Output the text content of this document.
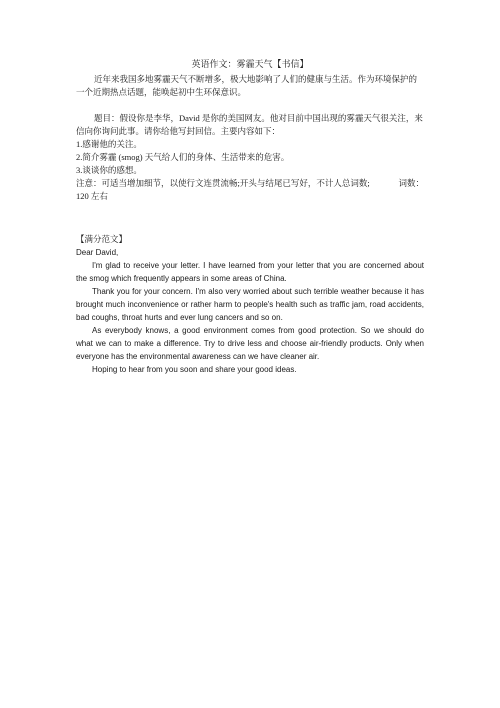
英语作文：雾霾天气【书信】

近年来我国多地雾霾天气不断增多，极大地影响了人们的健康与生活。作为环境保护的一个近期热点话题，能唤起初中生环保意识。

题目：假设你是李华，David 是你的美国网友。他对目前中国出现的雾霾天气很关注，来信向你询问此事。请你给他写封回信。主要内容如下：

1.感谢他的关注。

2.简介雾霾 (smog) 天气给人们的身体、生活带来的危害。

3.谈谈你的感想。

注意：可适当增加细节，以使行文连贯流畅;开头与结尾已写好，不计人总词数;	词数：

120 左右

【满分范文】

Dear David,

I'm glad to receive your letter. I have learned from your letter that you are concerned about the smog which frequently appears in some areas of China.

Thank you for your concern. I'm also very worried about such terrible weather because it has brought much inconvenience or rather harm to people's health such as traffic jam, road accidents, bad coughs, throat hurts and ever lung cancers and so on.

As everybody knows, a good environment comes from good protection. So we should do what we can to make a difference. Try to drive less and choose air-friendly products. Only when everyone has the environmental awareness can we have cleaner air.

Hoping to hear from you soon and share your good ideas.
